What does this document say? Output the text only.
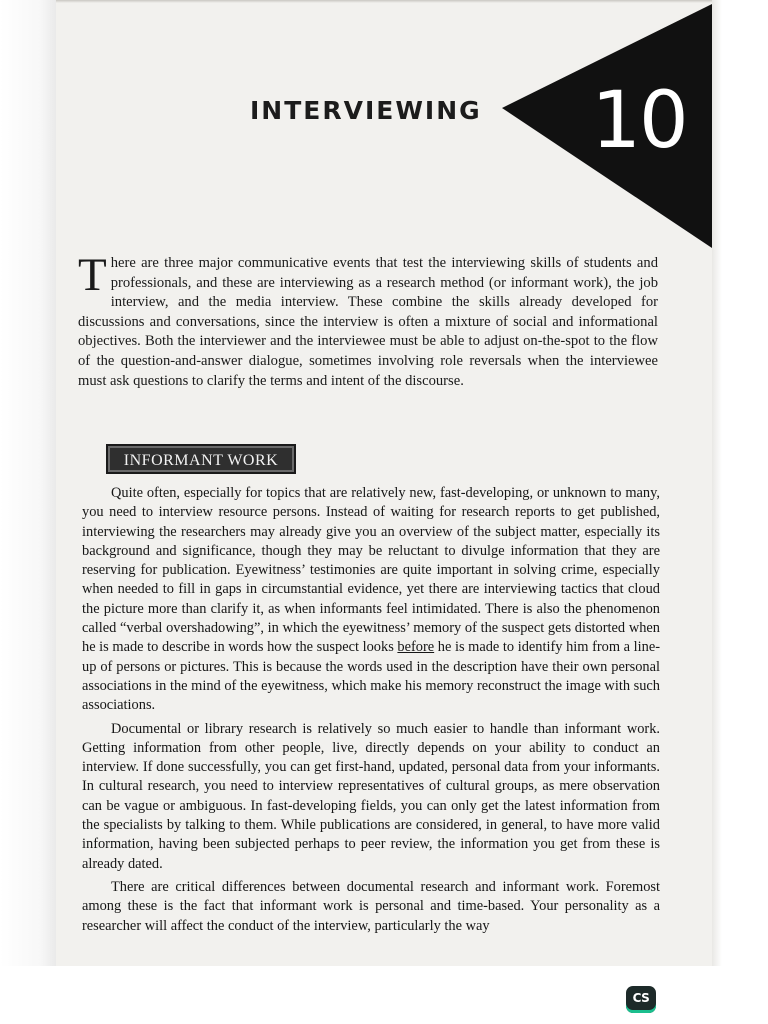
INTERVIEWING	10
There are three major communicative events that test the interviewing skills of students and professionals, and these are interviewing as a research method (or informant work), the job interview, and the media interview. These combine the skills already developed for discussions and conversations, since the interview is often a mixture of social and informational objectives. Both the interviewer and the interviewee must be able to adjust on-the-spot to the flow of the question-and-answer dialogue, sometimes involving role reversals when the interviewee must ask questions to clarify the terms and intent of the discourse.
INFORMANT WORK

Quite often, especially for topics that are relatively new, fast-developing, or unknown to many, you need to interview resource persons. Instead of waiting for research reports to get published, interviewing the researchers may already give you an overview of the subject matter, especially its background and significance, though they may be reluctant to divulge information that they are reserving for publication. Eyewitness’ testimonies are quite important in solving crime, especially when needed to fill in gaps in circumstantial evidence, yet there are interviewing tactics that cloud the picture more than clarify it, as when informants feel intimidated. There is also the phenomenon called “verbal overshadowing”, in which the eyewitness’ memory of the suspect gets distorted when he is made to describe in words how the suspect looks before he is made to identify him from a line-up of persons or pictures. This is because the words used in the description have their own personal associations in the mind of the eyewitness, which make his memory reconstruct the image with such associations.

Documental or library research is relatively so much easier to handle than informant work. Getting information from other people, live, directly depends on your ability to conduct an interview. If done successfully, you can get first-hand, updated, personal data from your informants. In cultural research, you need to interview representatives of cultural groups, as mere observation can be vague or ambiguous. In fast-developing fields, you can only get the latest information from the specialists by talking to them. While publications are considered, in general, to have more valid information, having been subjected perhaps to peer review, the information you get from these is already dated.

There are critical differences between documental research and informant work. Foremost among these is the fact that informant work is personal and time-based. Your personality as a researcher will affect the conduct of the interview, particularly the way

CS
